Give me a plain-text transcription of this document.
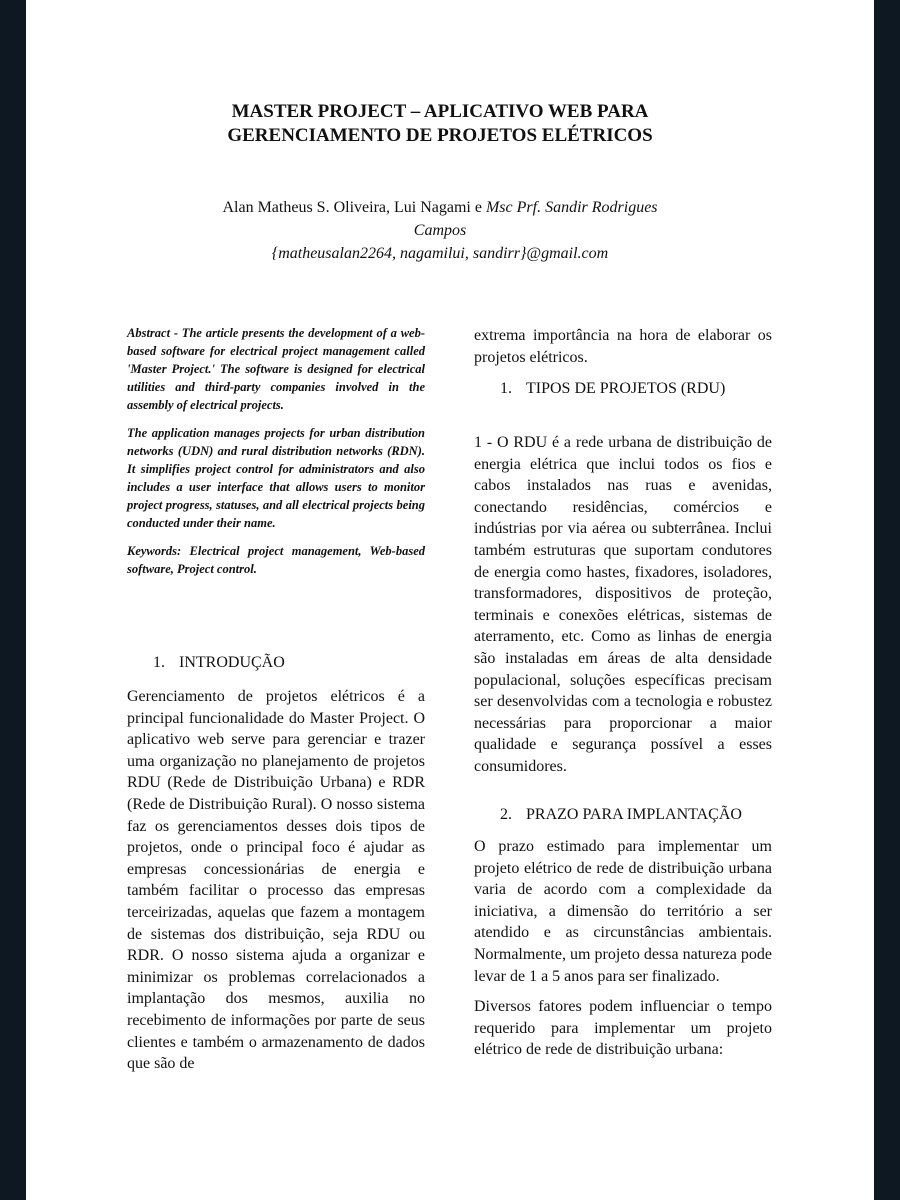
MASTER PROJECT – APLICATIVO WEB PARA
GERENCIAMENTO DE PROJETOS ELÉTRICOS
Alan Matheus S. Oliveira, Lui Nagami e Msc Prf. Sandir Rodrigues
Campos
{matheusalan2264, nagamilui, sandirr}@gmail.com

Abstract - The article presents the development of a web-based software for electrical project management called 'Master Project.' The software is designed for electrical utilities and third-party companies involved in the assembly of electrical projects.

The application manages projects for urban distribution networks (UDN) and rural distribution networks (RDN). It simplifies project control for administrators and also includes a user interface that allows users to monitor project progress, statuses, and all electrical projects being conducted under their name.

Keywords: Electrical project management, Web-based software, Project control.

1. INTRODUÇÃO

Gerenciamento de projetos elétricos é a principal funcionalidade do Master Project. O aplicativo web serve para gerenciar e trazer uma organização no planejamento de projetos RDU (Rede de Distribuição Urbana) e RDR (Rede de Distribuição Rural). O nosso sistema faz os gerenciamentos desses dois tipos de projetos, onde o principal foco é ajudar as empresas concessionárias de energia e também facilitar o processo das empresas terceirizadas, aquelas que fazem a montagem de sistemas dos distribuição, seja RDU ou RDR. O nosso sistema ajuda a organizar e minimizar os problemas correlacionados a implantação dos mesmos, auxilia no recebimento de informações por parte de seus clientes e também o armazenamento de dados que são de

extrema importância na hora de elaborar os projetos elétricos.

1. TIPOS DE PROJETOS (RDU)

1 - O RDU é a rede urbana de distribuição de energia elétrica que inclui todos os fios e cabos instalados nas ruas e avenidas, conectando residências, comércios e indústrias por via aérea ou subterrânea. Inclui também estruturas que suportam condutores de energia como hastes, fixadores, isoladores, transformadores, dispositivos de proteção, terminais e conexões elétricas, sistemas de aterramento, etc. Como as linhas de energia são instaladas em áreas de alta densidade populacional, soluções específicas precisam ser desenvolvidas com a tecnologia e robustez necessárias para proporcionar a maior qualidade e segurança possível a esses consumidores.

2. PRAZO PARA IMPLANTAÇÃO

O prazo estimado para implementar um projeto elétrico de rede de distribuição urbana varia de acordo com a complexidade da iniciativa, a dimensão do território a ser atendido e as circunstâncias ambientais. Normalmente, um projeto dessa natureza pode levar de 1 a 5 anos para ser finalizado.

Diversos fatores podem influenciar o tempo requerido para implementar um projeto elétrico de rede de distribuição urbana:
